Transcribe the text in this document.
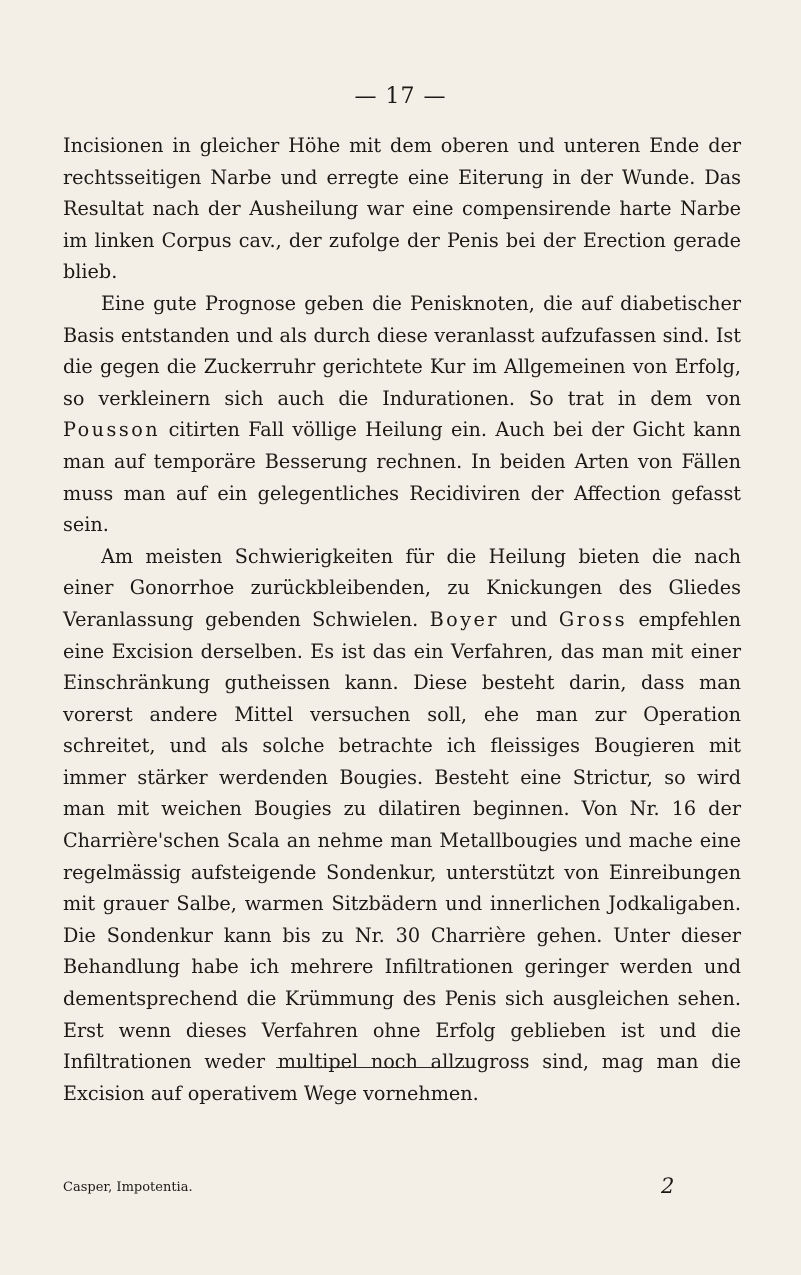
— 17 —

Incisionen in gleicher Höhe mit dem oberen und unteren Ende der rechtsseitigen Narbe und erregte eine Eiterung in der Wunde. Das Resultat nach der Ausheilung war eine compensirende harte Narbe im linken Corpus cav., der zufolge der Penis bei der Erection gerade blieb.

Eine gute Prognose geben die Penisknoten, die auf diabetischer Basis entstanden und als durch diese veranlasst aufzufassen sind. Ist die gegen die Zuckerruhr gerichtete Kur im Allgemeinen von Erfolg, so verkleinern sich auch die Indurationen. So trat in dem von Pousson citirten Fall völlige Heilung ein. Auch bei der Gicht kann man auf temporäre Besserung rechnen. In beiden Arten von Fällen muss man auf ein gelegentliches Recidiviren der Affection gefasst sein.

Am meisten Schwierigkeiten für die Heilung bieten die nach einer Gonorrhoe zurückbleibenden, zu Knickungen des Gliedes Veranlassung gebenden Schwielen. Boyer und Gross empfehlen eine Excision derselben. Es ist das ein Verfahren, das man mit einer Einschränkung gutheissen kann. Diese besteht darin, dass man vorerst andere Mittel versuchen soll, ehe man zur Operation schreitet, und als solche betrachte ich fleissiges Bougieren mit immer stärker werdenden Bougies. Besteht eine Strictur, so wird man mit weichen Bougies zu dilatiren beginnen. Von Nr. 16 der Charrière'schen Scala an nehme man Metallbougies und mache eine regelmässig aufsteigende Sondenkur, unterstützt von Einreibungen mit grauer Salbe, warmen Sitzbädern und innerlichen Jodkaligaben. Die Sondenkur kann bis zu Nr. 30 Charrière gehen. Unter dieser Behandlung habe ich mehrere Infiltrationen geringer werden und dementsprechend die Krümmung des Penis sich ausgleichen sehen. Erst wenn dieses Verfahren ohne Erfolg geblieben ist und die Infiltrationen weder multipel noch allzugross sind, mag man die Excision auf operativem Wege vornehmen.

Casper, Impotentia.	2
